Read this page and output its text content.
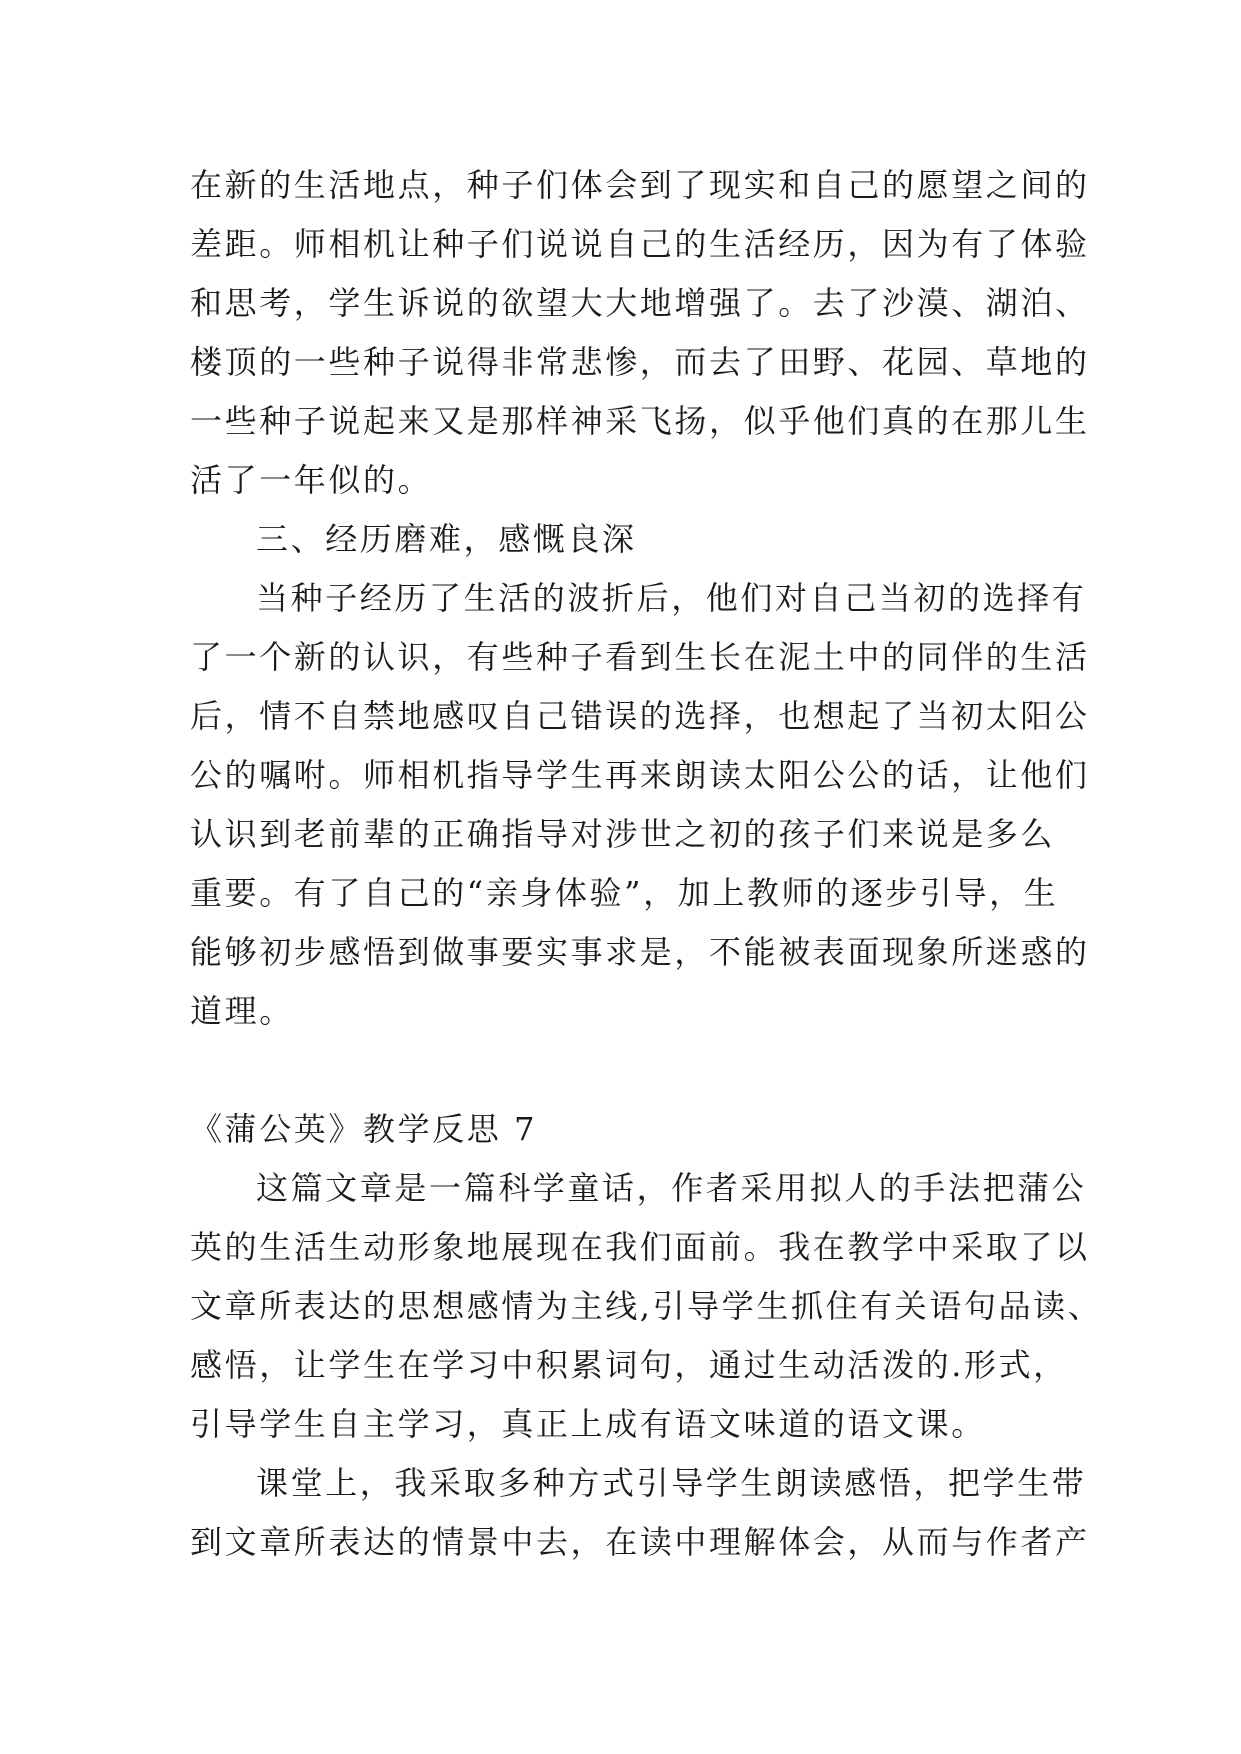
在新的生活地点，种子们体会到了现实和自己的愿望之间的
差距。师相机让种子们说说自己的生活经历，因为有了体验
和思考，学生诉说的欲望大大地增强了。去了沙漠、湖泊、
楼顶的一些种子说得非常悲惨，而去了田野、花园、草地的
一些种子说起来又是那样神采飞扬，似乎他们真的在那儿生
活了一年似的。
三、经历磨难，感慨良深
当种子经历了生活的波折后，他们对自己当初的选择有
了一个新的认识，有些种子看到生长在泥土中的同伴的生活
后，情不自禁地感叹自己错误的选择，也想起了当初太阳公
公的嘱咐。师相机指导学生再来朗读太阳公公的话，让他们
认识到老前辈的正确指导对涉世之初的孩子们来说是多么
重要。有了自己的“亲身体验”，加上教师的逐步引导，生
能够初步感悟到做事要实事求是，不能被表面现象所迷惑的
道理。
《蒲公英》教学反思 7
这篇文章是一篇科学童话，作者采用拟人的手法把蒲公
英的生活生动形象地展现在我们面前。我在教学中采取了以
文章所表达的思想感情为主线,引导学生抓住有关语句品读、
感悟，让学生在学习中积累词句，通过生动活泼的.形式，
引导学生自主学习，真正上成有语文味道的语文课。
课堂上，我采取多种方式引导学生朗读感悟，把学生带
到文章所表达的情景中去，在读中理解体会，从而与作者产
